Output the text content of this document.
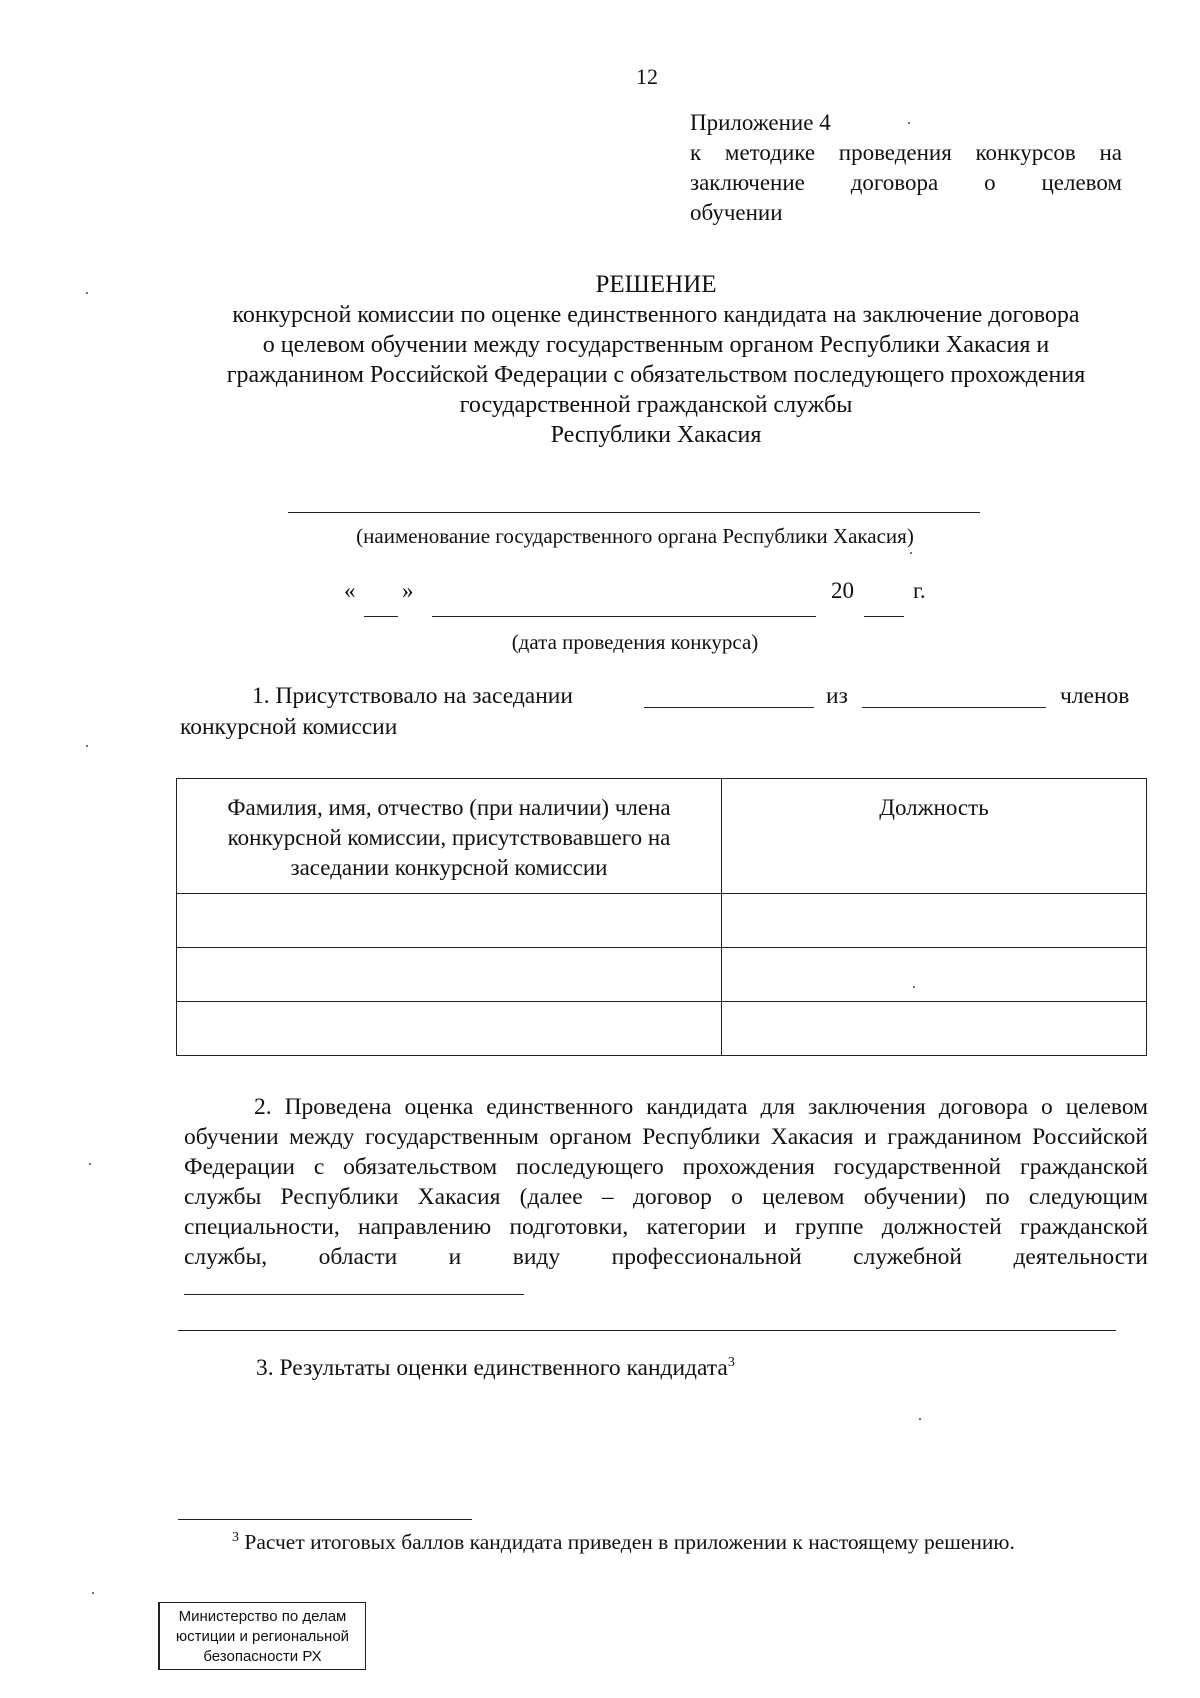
12
Приложение 4
к методике проведения конкурсов на
заключение договора о целевом
обучении
РЕШЕНИЕ
конкурсной комиссии по оценке единственного кандидата на заключение договора
о целевом обучении между государственным органом Республики Хакасия и
гражданином Российской Федерации с обязательством последующего прохождения
государственной гражданской службы
Республики Хакасия
(наименование государственного органа Республики Хакасия)
« »	20	г.
(дата проведения конкурса)
1. Присутствовало на заседании	из	членов
конкурсной комиссии
Фамилия, имя, отчество (при наличии) члена конкурсной комиссии, присутствовавшего на заседании конкурсной комиссии	Должность

2. Проведена оценка единственного кандидата для заключения договора о целевом обучении между государственным органом Республики Хакасия и гражданином Российской Федерации с обязательством последующего прохождения государственной гражданской службы Республики Хакасия (далее – договор о целевом обучении) по следующим специальности, направлению подготовки, категории и группе должностей гражданской службы, области и виду профессиональной служебной деятельности
3. Результаты оценки единственного кандидата$^3$
$^3$ Расчет итоговых баллов кандидата приведен в приложении к настоящему решению.
Министерство по делам
юстиции и региональной
безопасности РХ
